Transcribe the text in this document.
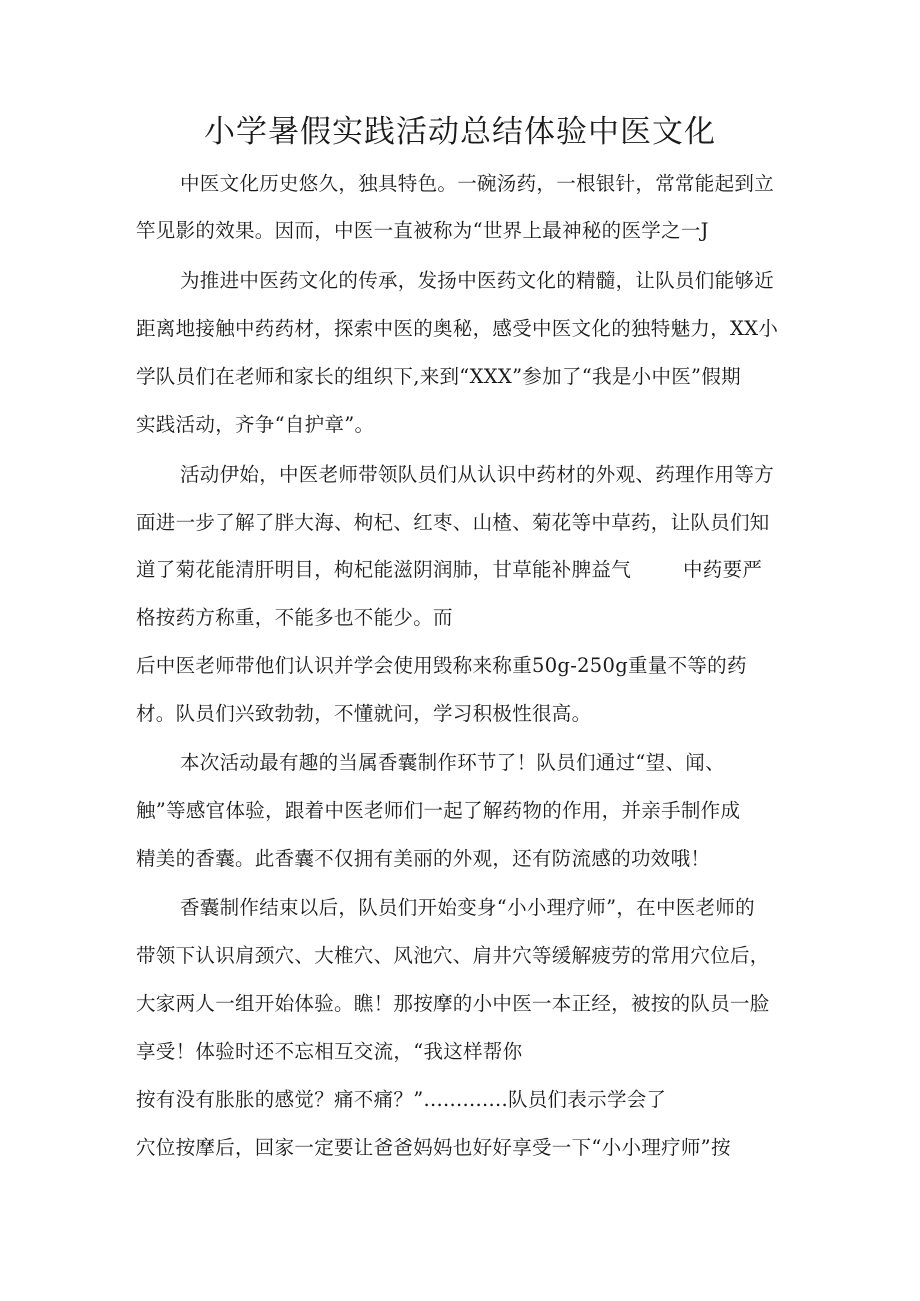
小学暑假实践活动总结体验中医文化
中医文化历史悠久，独具特色。一碗汤药，一根银针，常常能起到立
竿见影的效果。因而，中医一直被称为“世界上最神秘的医学之一J
为推进中医药文化的传承，发扬中医药文化的精髓，让队员们能够近
距离地接触中药药材，探索中医的奥秘，感受中医文化的独特魅力，XX小
学队员们在老师和家长的组织下,来到“XXX”参加了“我是小中医”假期
实践活动，齐争“自护章”。
活动伊始，中医老师带领队员们从认识中药材的外观、药理作用等方
面进一步了解了胖大海、枸杞、红枣、山楂、菊花等中草药，让队员们知
道了菊花能清肝明目，枸杞能滋阴润肺，甘草能补脾益气        中药要严
格按药方称重，不能多也不能少。而
后中医老师带他们认识并学会使用毁称来称重50g-250g重量不等的药
材。队员们兴致勃勃，不懂就问，学习积极性很高。
本次活动最有趣的当属香囊制作环节了！队员们通过“望、闻、
触”等感官体验，跟着中医老师们一起了解药物的作用，并亲手制作成
精美的香囊。此香囊不仅拥有美丽的外观，还有防流感的功效哦！
香囊制作结束以后，队员们开始变身“小小理疗师”，在中医老师的
带领下认识肩颈穴、大椎穴、风池穴、肩井穴等缓解疲劳的常用穴位后，
大家两人一组开始体验。瞧！那按摩的小中医一本正经，被按的队员一脸
享受！体验时还不忘相互交流，“我这样帮你
按有没有胀胀的感觉？痛不痛？”.............队员们表示学会了
穴位按摩后，回家一定要让爸爸妈妈也好好享受一下“小小理疗师”按
